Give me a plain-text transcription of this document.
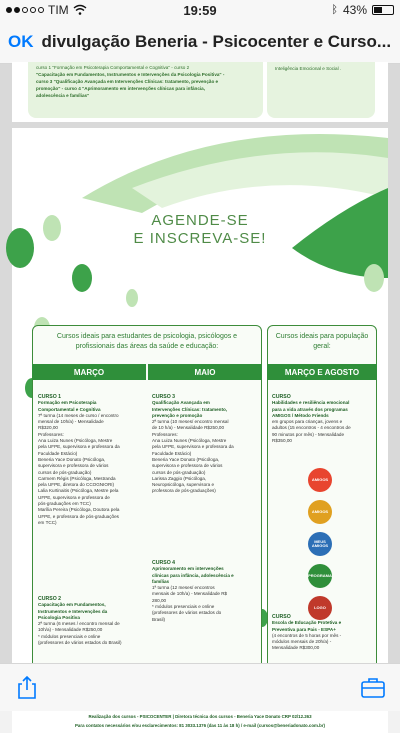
TIM	19:59	ᛒ 43%
OK divulgação Beneria - Psicocenter e Curso...
curso 1 "Formação em Psicoterapia Comportamental e Cognitiva" - curso 2
"Capacitação em Fundamentos, Instrumentos e Intervenções da Psicologia Positiva" -
curso 3 "Qualificação Avançada em Intervenções Clínicas: tratamento, prevenção e
promoção" - curso 4 "Aprimoramento em intervenções clínicas para infância,
adolescência e famílias"
Inteligência Emocional e Social .
AGENDE-SE
E INSCREVA-SE!
Cursos ideais para estudantes de psicologia, psicólogos e profissionais das áreas da saúde e educação:
Cursos ideais para população geral:
MARÇO	MAIO	MARÇO E AGOSTO
CURSO 1
Formação em Psicoterapia
Comportamental e Cognitiva
7ª turma (14 meses de curso / encontro
mensal de 10h/a) - Mensalidade
R$320,00
Professores:
Ana Luiza Nunes (Psicóloga, Mestre
pela UFPE, supervisora e professora da
Faculdade Estácio)
Beneria Yace Donato (Psicóloga,
supervisora e professora de vários
cursos de pós-graduação)
Carmem Régis (Psicóloga, Mestranda
pela UFPE, diretora do CCOGNIORI)
Lalia Kurtinaitis (Psicóloga, Mestre pela
UFPE, supervisora e professora de
pós-graduações em TCC)
Marília Pereira (Psicóloga, Doutora pela
UFPE, e professora de pós-graduações
em TCC)
CURSO 2
Capacitação em Fundamentos,
Instrumentos e Intervenções da
Psicologia Positiva
2ª turma (6 meses / encontro mensal de
10h/a) - Mensalidade R$250,00
* módulos presenciais e online
(professores de vários estados do Brasil)
CURSO 3
Qualificação Avançada em
Intervenções Clínicas: tratamento,
prevenção e promoção
2ª turma (10 meses/ encontro mensal
de 10 h/a) - Mensalidade R$250,00
Professores:
Ana Luiza Nunes (Psicóloga, Mestre
pela UFPE, supervisora e professora da
Faculdade Estácio)
Beneria Yace Donato (Psicóloga,
supervisora e professora de vários
cursos de pós-graduação)
Larissa Zaggio (Psicóloga,
Neuropsicóloga, supervisora e
professora de pós-graduações)
CURSO 4
Aprimoramento em intervenções
clínicas para infância, adolescência e
famílias
1ª turma (12 meses/ encontros
mensais de 10h/a) - Mensalidade R$
280,00
* módulos presenciais e online
(professores de vários estados do
Brasil)
CURSO
Habilidades e resiliência emocional
para a vida através dos programas
AMIGOS / Método Friends
em grupos para crianças, jovens e
adultos (15 encontros - 4 encontros de
90 minutos por mês) - Mensalidade
R$350,00
CURSO
Escola de Educação Protetiva e
Preventiva para Pais - ESPA+
(4 encontros de 5 horas por mês -
módulos mensais de 20h/a) -
Mensalidade R$300,00
AMIGOS
AMIGOS
MEUS AMIGOS
PROGRAMA
LOGO
Realização dos cursos - PSICOCENTER | Diretora técnica dos cursos - Beneria Yace Donato CRP 02/12.263
Para contatos necessários e/ou esclarecimentos: 81 3033.1376 (das 11 às 18 h) / e-mail (cursos@beneriadonato.com.br)
